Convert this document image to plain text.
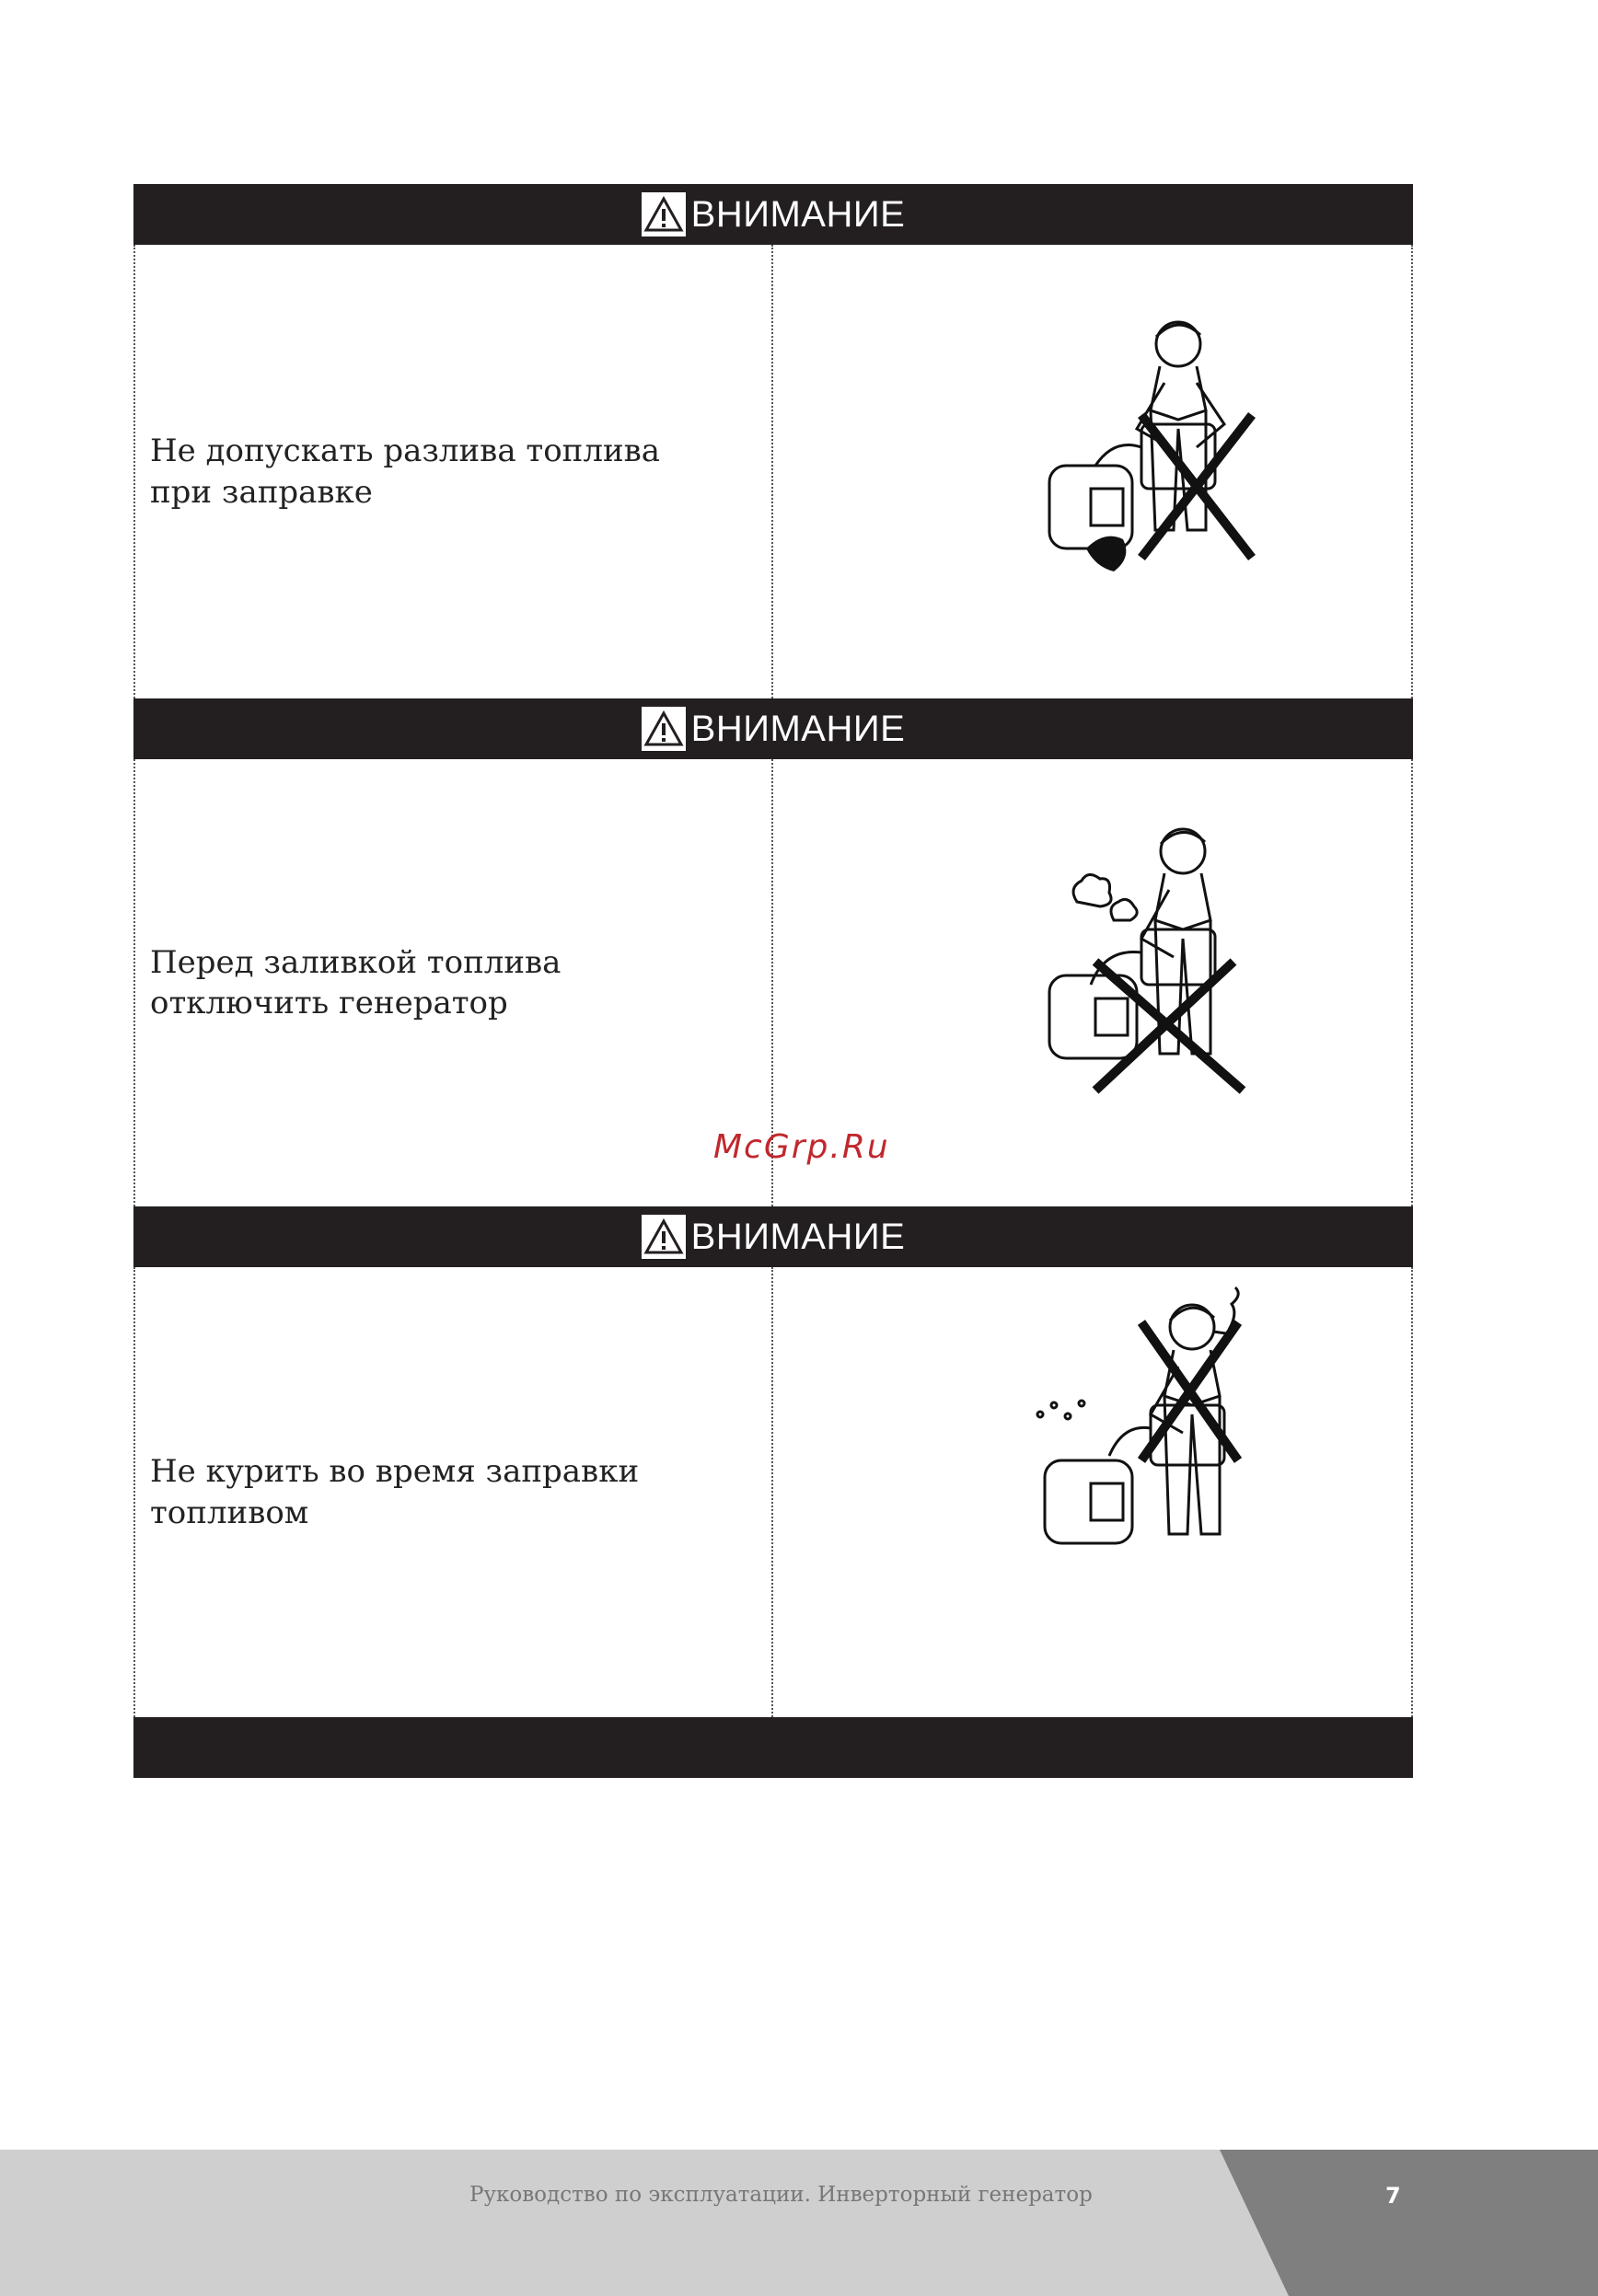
ВНИМАНИЕ
Не допускать разлива топлива
при заправке
ВНИМАНИЕ
Перед заливкой топлива
отключить генератор
ВНИМАНИЕ
Не курить во время заправки
топливом
McGrp.Ru
Руководство по эксплуатации. Инверторный генератор	7
